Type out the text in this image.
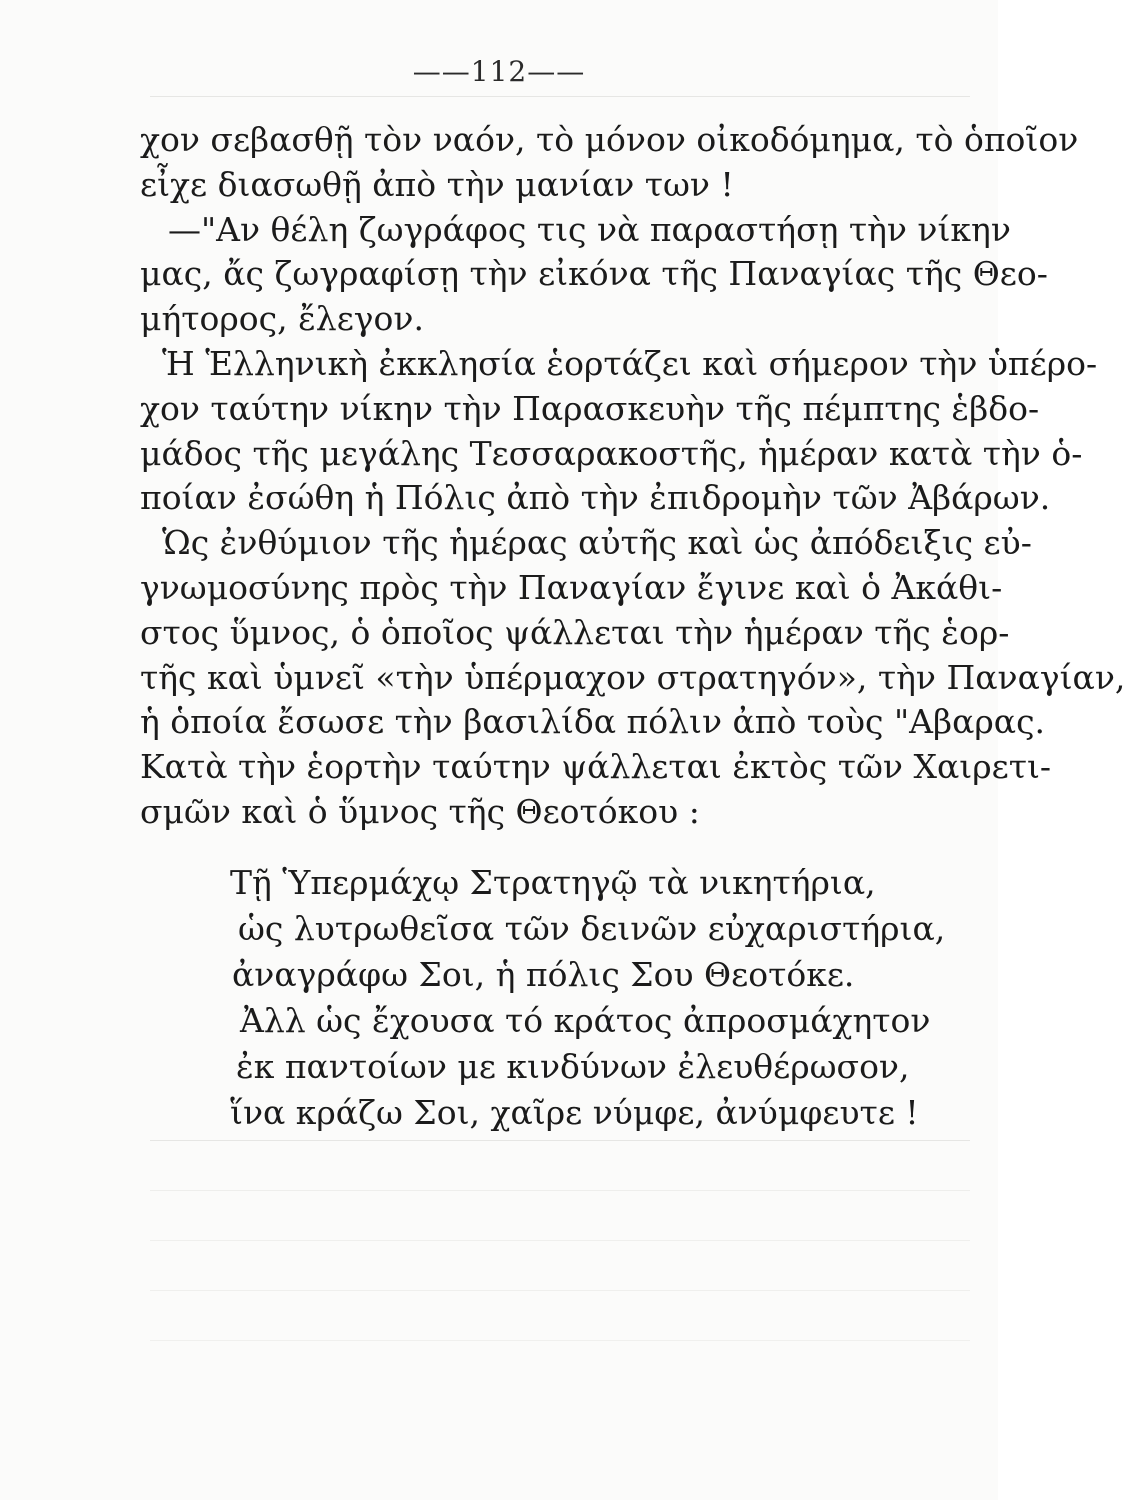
——112——
χον σεβασθῇ τὸν ναόν, τὸ μόνον οἰκοδόμημα, τὸ ὁποῖον
εἶχε διασωθῇ ἀπὸ τὴν μανίαν των !
—"Αν θέλη ζωγράφος τις νὰ παραστήσῃ τὴν νίκην
μας, ἄς ζωγραφίσῃ τὴν εἰκόνα τῆς Παναγίας τῆς Θεο-
μήτορος, ἔλεγον.
Ἡ Ἑλληνικὴ ἐκκλησία ἑορτάζει καὶ σήμερον τὴν ὑπέρο-
χον ταύτην νίκην τὴν Παρασκευὴν τῆς πέμπτης ἑβδο-
μάδος τῆς μεγάλης Τεσσαρακοστῆς, ἡμέραν κατὰ τὴν ὁ-
ποίαν ἐσώθη ἡ Πόλις ἀπὸ τὴν ἐπιδρομὴν τῶν Ἀβάρων.
Ὡς ἐνθύμιον τῆς ἡμέρας αὐτῆς καὶ ὡς ἀπόδειξις εὐ-
γνωμοσύνης πρὸς τὴν Παναγίαν ἔγινε καὶ ὁ Ἀκάθι-
στος ὕμνος, ὁ ὁποῖος ψάλλεται τὴν ἡμέραν τῆς ἑορ-
τῆς καὶ ὑμνεῖ «τὴν ὑπέρμαχον στρατηγόν», τὴν Παναγίαν,
ἡ ὁποία ἔσωσε τὴν βασιλίδα πόλιν ἀπὸ τοὺς "Αβαρας.
Κατὰ τὴν ἑορτὴν ταύτην ψάλλεται ἐκτὸς τῶν Χαιρετι-
σμῶν καὶ ὁ ὕμνος τῆς Θεοτόκου :
Τῇ Ὑπερμάχῳ Στρατηγῷ τὰ νικητήρια,
ὡς λυτρωθεῖσα τῶν δεινῶν εὐχαριστήρια,
ἀναγράφω Σοι, ἡ πόλις Σου Θεοτόκε.
Ἀλλ ὡς ἔχουσα τό κράτος ἀπροσμάχητον
ἐκ παντοίων με κινδύνων ἐλευθέρωσον,
ἵνα κράζω Σοι, χαῖρε νύμφε, ἀνύμφευτε !
